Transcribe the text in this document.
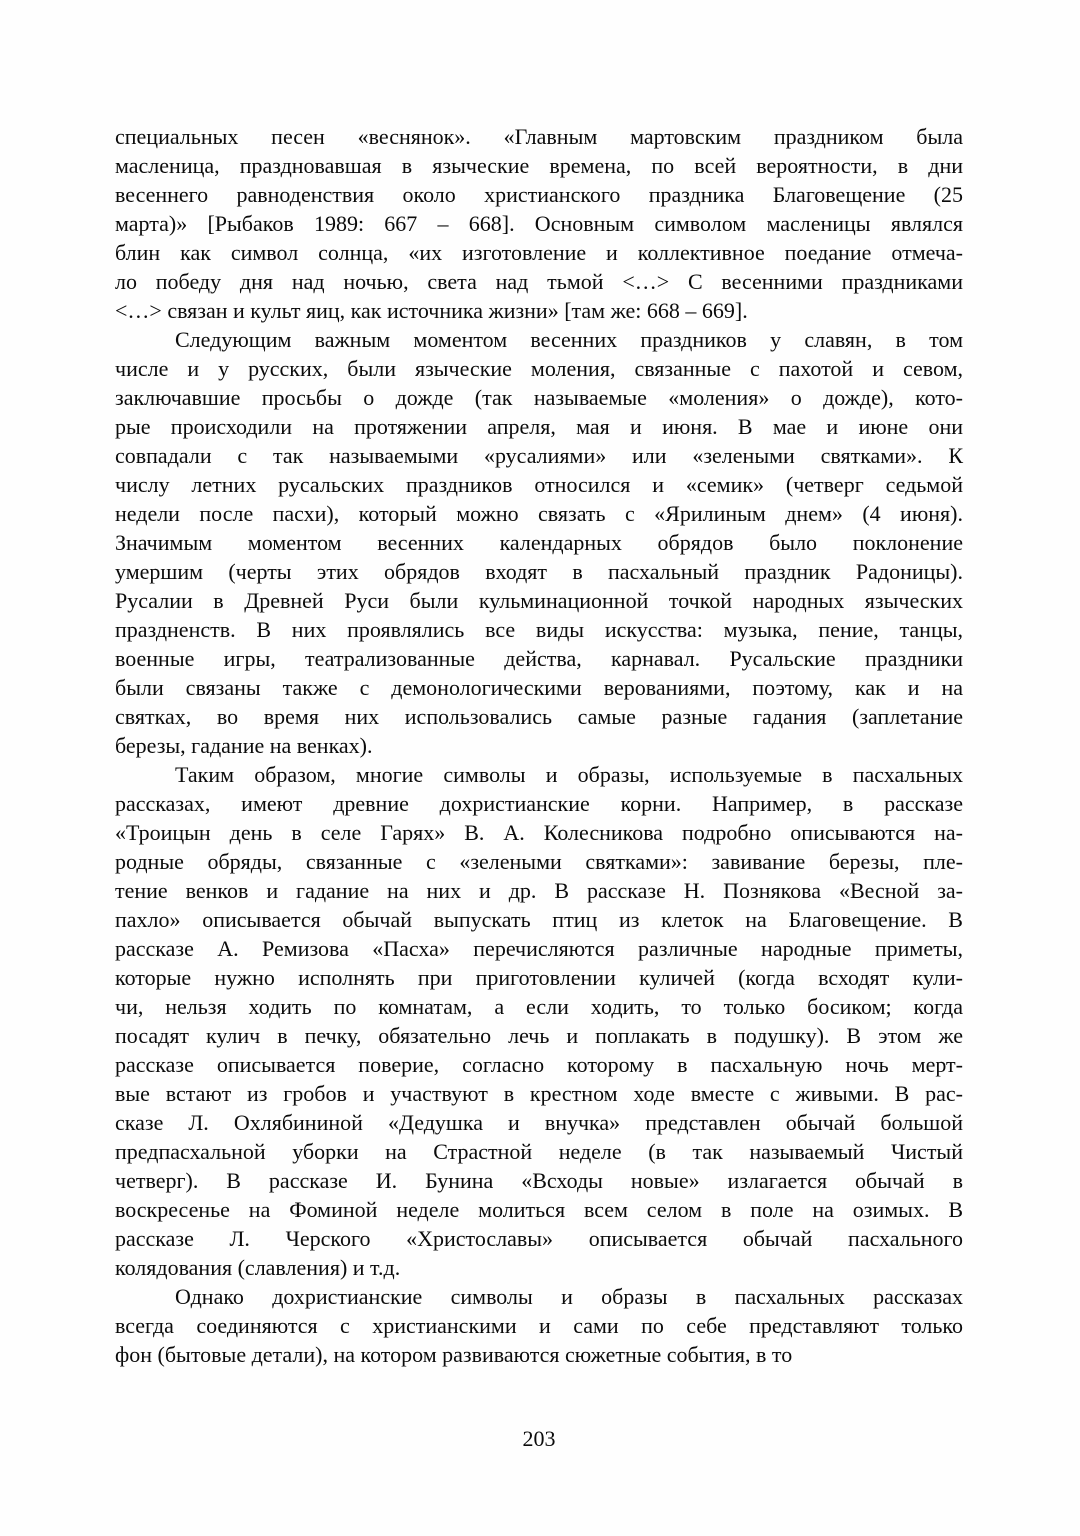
специальных песен «веснянок». «Главным мартовским праздником была
масленица, праздновавшая в языческие времена, по всей вероятности, в дни
весеннего равноденствия около христианского праздника Благовещение (25
марта)» [Рыбаков 1989: 667 – 668]. Основным символом масленицы являлся
блин как символ солнца, «их изготовление и коллективное поедание отмеча-
ло победу дня над ночью, света над тьмой <…> С весенними праздниками
<…> связан и культ яиц, как источника жизни» [там же: 668 – 669].
Следующим важным моментом весенних праздников у славян, в том
числе и у русских, были языческие моления, связанные с пахотой и севом,
заключавшие просьбы о дожде (так называемые «моления» о дожде), кото-
рые происходили на протяжении апреля, мая и июня. В мае и июне они
совпадали с так называемыми «русалиями» или «зелеными святками». К
числу летних русальских праздников относился и «семик» (четверг седьмой
недели после пасхи), который можно связать с «Ярилиным днем» (4 июня).
Значимым моментом весенних календарных обрядов было поклонение
умершим (черты этих обрядов входят в пасхальный праздник Радоницы).
Русалии в Древней Руси были кульминационной точкой народных языческих
праздненств. В них проявлялись все виды искусства: музыка, пение, танцы,
военные игры, театрализованные действа, карнавал. Русальские праздники
были связаны также с демонологическими верованиями, поэтому, как и на
святках, во время них использовались самые разные гадания (заплетание
березы, гадание на венках).
Таким образом, многие символы и образы, используемые в пасхальных
рассказах, имеют древние дохристианские корни. Например, в рассказе
«Троицын день в селе Гарях» В. А. Колесникова подробно описываются на-
родные обряды, связанные с «зелеными святками»: завивание березы, пле-
тение венков и гадание на них и др. В рассказе Н. Познякова «Весной за-
пахло» описывается обычай выпускать птиц из клеток на Благовещение. В
рассказе А. Ремизова «Пасха» перечисляются различные народные приметы,
которые нужно исполнять при приготовлении куличей (когда всходят кули-
чи, нельзя ходить по комнатам, а если ходить, то только босиком; когда
посадят кулич в печку, обязательно лечь и поплакать в подушку). В этом же
рассказе описывается поверие, согласно которому в пасхальную ночь мерт-
вые встают из гробов и участвуют в крестном ходе вместе с живыми. В рас-
сказе Л. Охлябининой «Дедушка и внучка» представлен обычай большой
предпасхальной уборки на Страстной неделе (в так называемый Чистый
четверг). В рассказе И. Бунина «Всходы новые» излагается обычай в
воскресенье на Фоминой неделе молиться всем селом в поле на озимых. В
рассказе Л. Черского «Христославы» описывается обычай пасхального
колядования (славления) и т.д.
Однако дохристианские символы и образы в пасхальных рассказах
всегда соединяются с христианскими и сами по себе представляют только
фон (бытовые детали), на котором развиваются сюжетные события, в то
203
